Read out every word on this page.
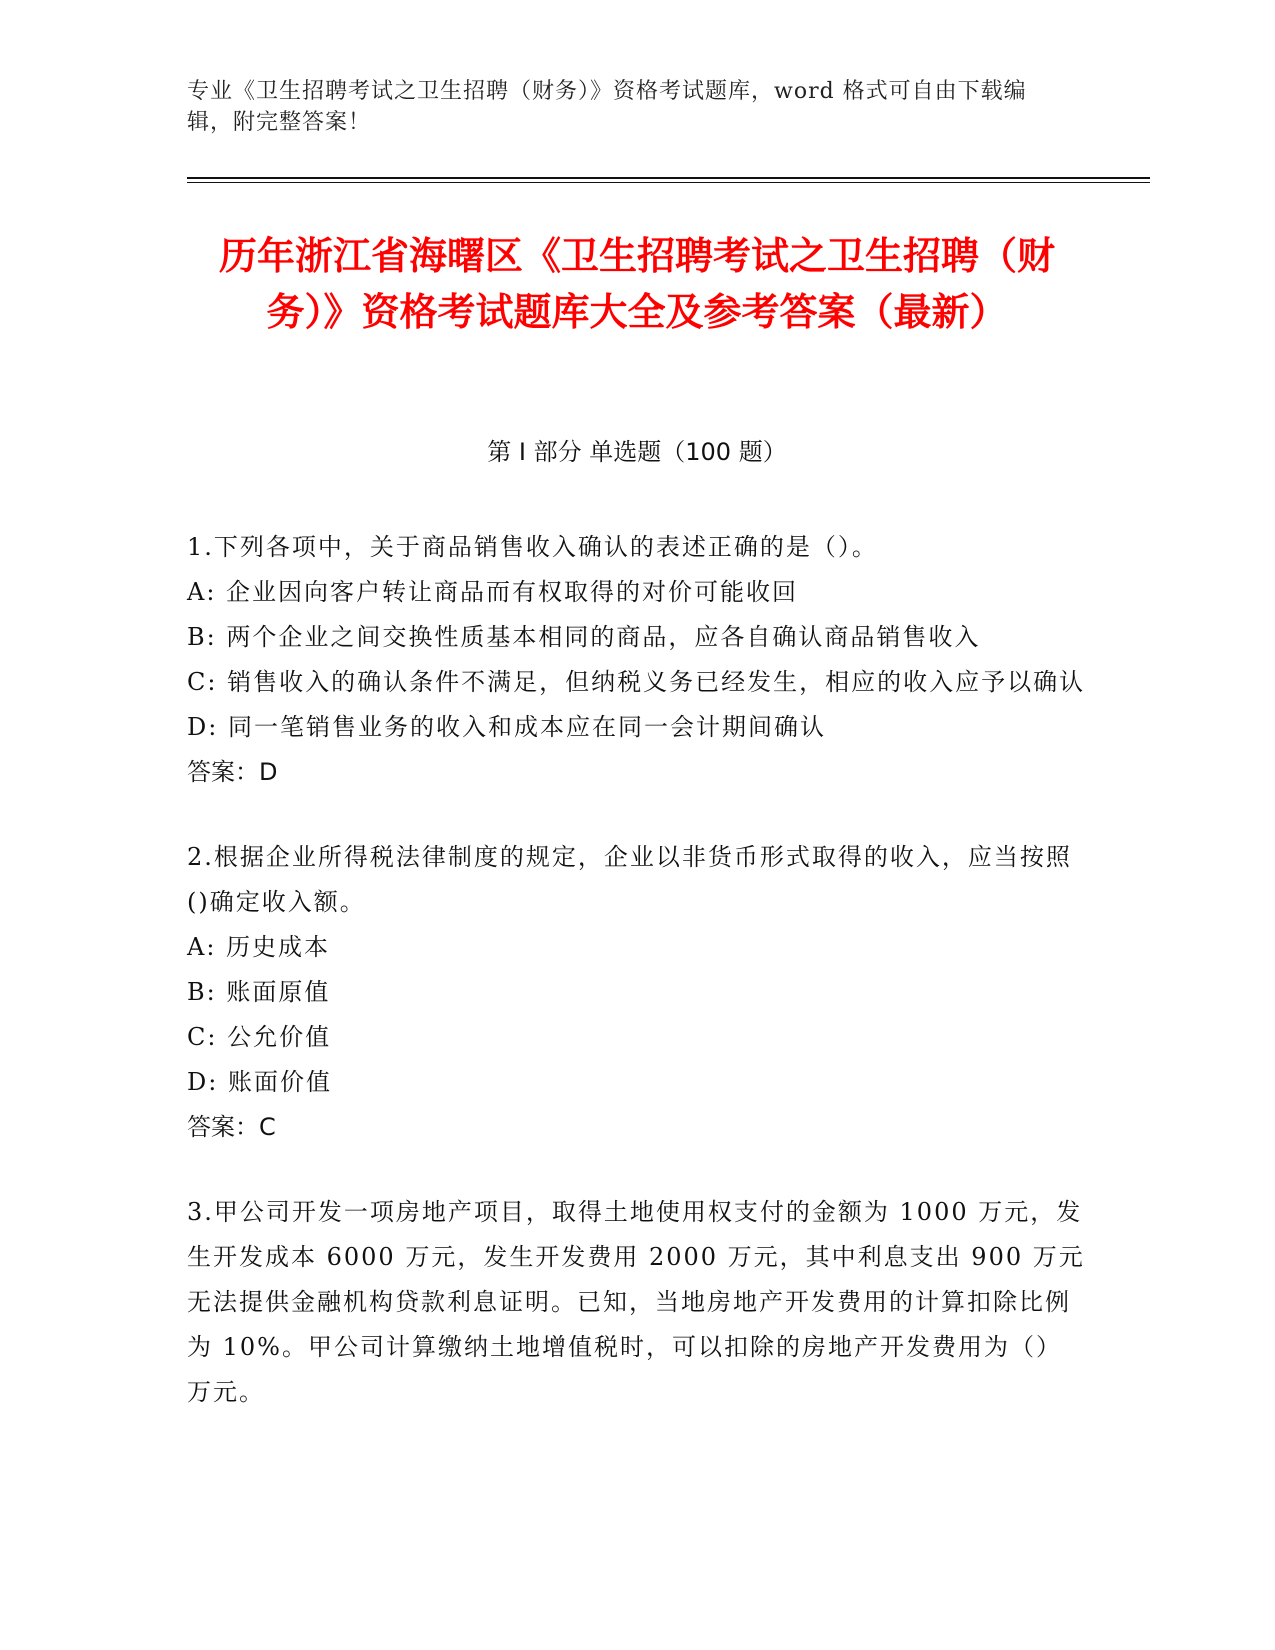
专业《卫生招聘考试之卫生招聘（财务）》资格考试题库，word 格式可自由下载编辑，附完整答案！
历年浙江省海曙区《卫生招聘考试之卫生招聘（财务）》资格考试题库大全及参考答案（最新）
第 I 部分 单选题（100 题）

1.下列各项中，关于商品销售收入确认的表述正确的是（）。

A: 企业因向客户转让商品而有权取得的对价可能收回

B: 两个企业之间交换性质基本相同的商品，应各自确认商品销售收入

C: 销售收入的确认条件不满足，但纳税义务已经发生，相应的收入应予以确认

D: 同一笔销售业务的收入和成本应在同一会计期间确认

答案：D

2.根据企业所得税法律制度的规定，企业以非货币形式取得的收入，应当按照()确定收入额。

A: 历史成本

B: 账面原值

C: 公允价值

D: 账面价值

答案：C

3.甲公司开发一项房地产项目，取得土地使用权支付的金额为 1000 万元，发生开发成本 6000 万元，发生开发费用 2000 万元，其中利息支出 900 万元无法提供金融机构贷款利息证明。已知，当地房地产开发费用的计算扣除比例为 10%。甲公司计算缴纳土地增值税时，可以扣除的房地产开发费用为（）万元。
